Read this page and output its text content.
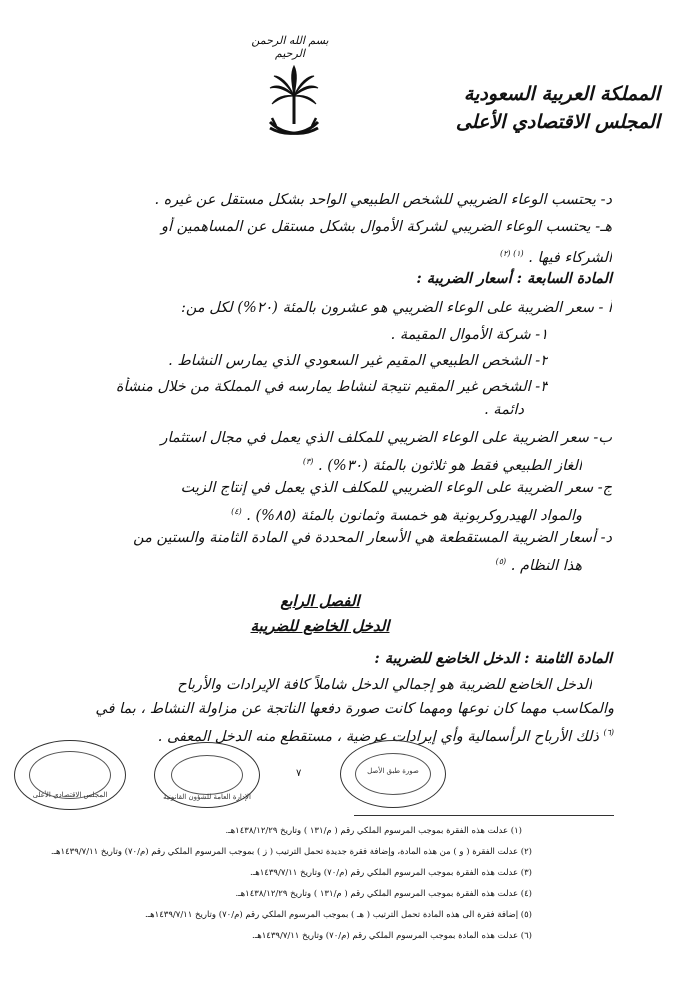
بسم الله الرحمن الرحيم
المملكة العربية السعودية
المجلس الاقتصادي الأعلى
د- يحتسب الوعاء الضريبي للشخص الطبيعي الواحد بشكل مستقل عن غيره .
هـ- يحتسب الوعاء الضريبي لشركة الأموال بشكل مستقل عن المساهمين أو
الشركاء فيها . $^{(١) (٢)}$
المادة السابعة : أسعار الضريبة :
أ - سعر الضريبة على الوعاء الضريبي هو عشرون بالمئة (٢٠%) لكل من:
١- شركة الأموال المقيمة .
٢- الشخص الطبيعي المقيم غير السعودي الذي يمارس النشاط .
٣- الشخص غير المقيم نتيجة لنشاط يمارسه في المملكة من خلال منشأة
دائمة .
ب- سعر الضريبة على الوعاء الضريبي للمكلف الذي يعمل في مجال استثمار
الغاز الطبيعي فقط هو ثلاثون بالمئة (٣٠%) . $^{(٣)}$
ج- سعر الضريبة على الوعاء الضريبي للمكلف الذي يعمل في إنتاج الزيت
والمواد الهيدروكربونية هو خمسة وثمانون بالمئة (٨٥%) . $^{(٤)}$
د- أسعار الضريبة المستقطعة هي الأسعار المحددة في المادة الثامنة والستين من
هذا النظام . $^{(٥)}$
الفصل الرابع
الدخل الخاضع للضريبة
المادة الثامنة : الدخل الخاضع للضريبة :
الدخل الخاضع للضريبة هو إجمالي الدخل شاملاً كافة الإيرادات والأرباح
والمكاسب مهما كان نوعها ومهما كانت صورة دفعها الناتجة عن مزاولة النشاط ، بما في
$^{(٦)}$ ذلك الأرباح الرأسمالية وأي إيرادات عرضية ، مستقطع منه الدخل المعفى .
المجلس الاقتصادي الأعلى	الإدارة العامة للشؤون القانونية
٧	صورة طبق الأصل
(١) عدلت هذه الفقرة بموجب المرسوم الملكي رقم ( م/١٣١ ) وتاريخ ١٤٣٨/١٢/٢٩هـ.
(٢) عدلت الفقرة ( و ) من هذه المادة، وإضافة فقرة جديدة تحمل الترتيب ( ز ) بموجب المرسوم الملكي رقم (م/٧٠) وتاريخ ١٤٣٩/٧/١١هـ.
(٣) عدلت هذه الفقرة بموجب المرسوم الملكي رقم (م/٧٠) وتاريخ ١٤٣٩/٧/١١هـ.
(٤) عدلت هذه الفقرة بموجب المرسوم الملكي رقم ( م/١٣١ ) وتاريخ ١٤٣٨/١٢/٢٩هـ.
(٥) إضافة فقرة الى هذه المادة تحمل الترتيب ( هـ ) بموجب المرسوم الملكي رقم (م/٧٠) وتاريخ ١٤٣٩/٧/١١هـ.
(٦) عدلت هذه المادة بموجب المرسوم الملكي رقم (م/٧٠) وتاريخ ١٤٣٩/٧/١١هـ.
